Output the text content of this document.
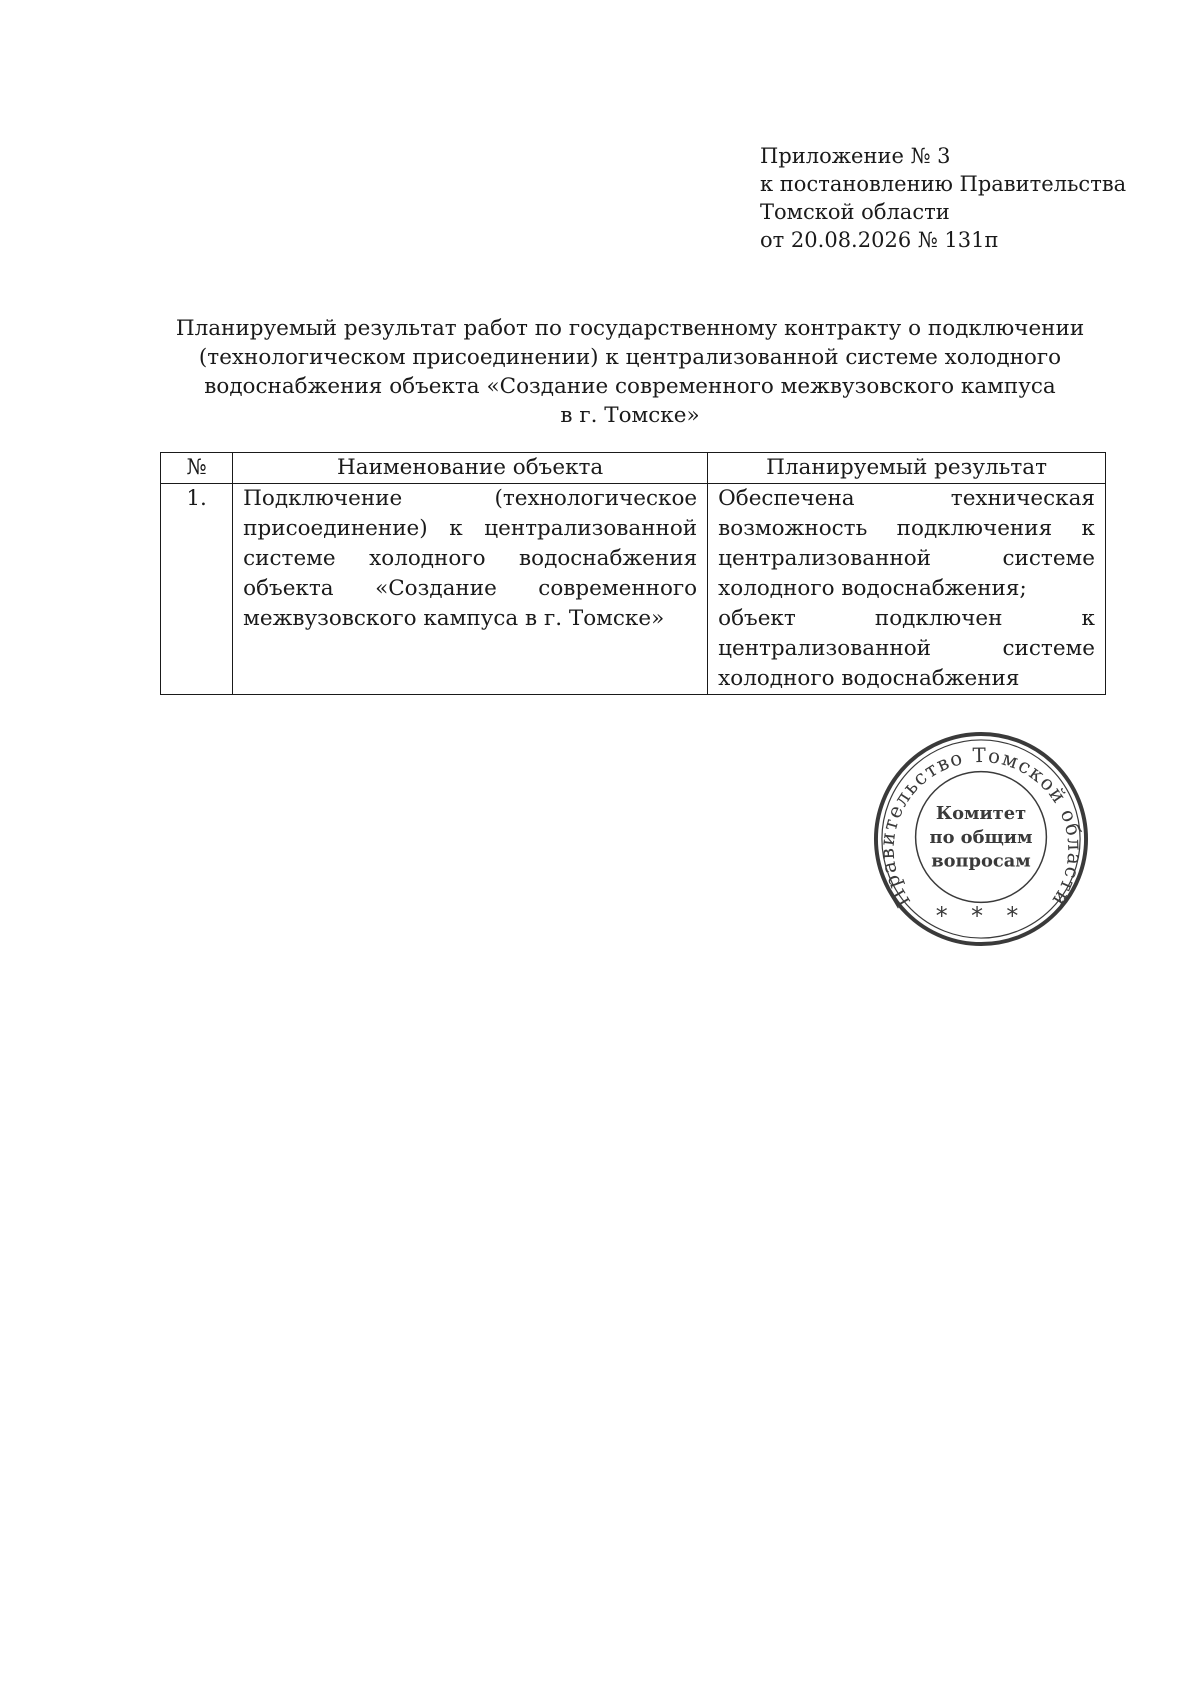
Приложение № 3
к постановлению Правительства
Томской области
от 20.08.2026 № 131п
Планируемый результат работ по государственному контракту о подключении
(технологическом присоединении) к централизованной системе холодного
водоснабжения объекта «Создание современного межвузовского кампуса
в г. Томске»
№	Наименование объекта	Планируемый результат
1.	Подключение (технологическое присоединение) к централизованной системе холодного водоснабжения объекта «Создание современного межвузовского кампуса в г. Томске»	Обеспечена техническая возможность подключения к централизованной системе холодного водоснабжения;
объект подключен к централизованной системе холодного водоснабжения
Правительство Томской области
Комитет
по общим
вопросам
* * *
